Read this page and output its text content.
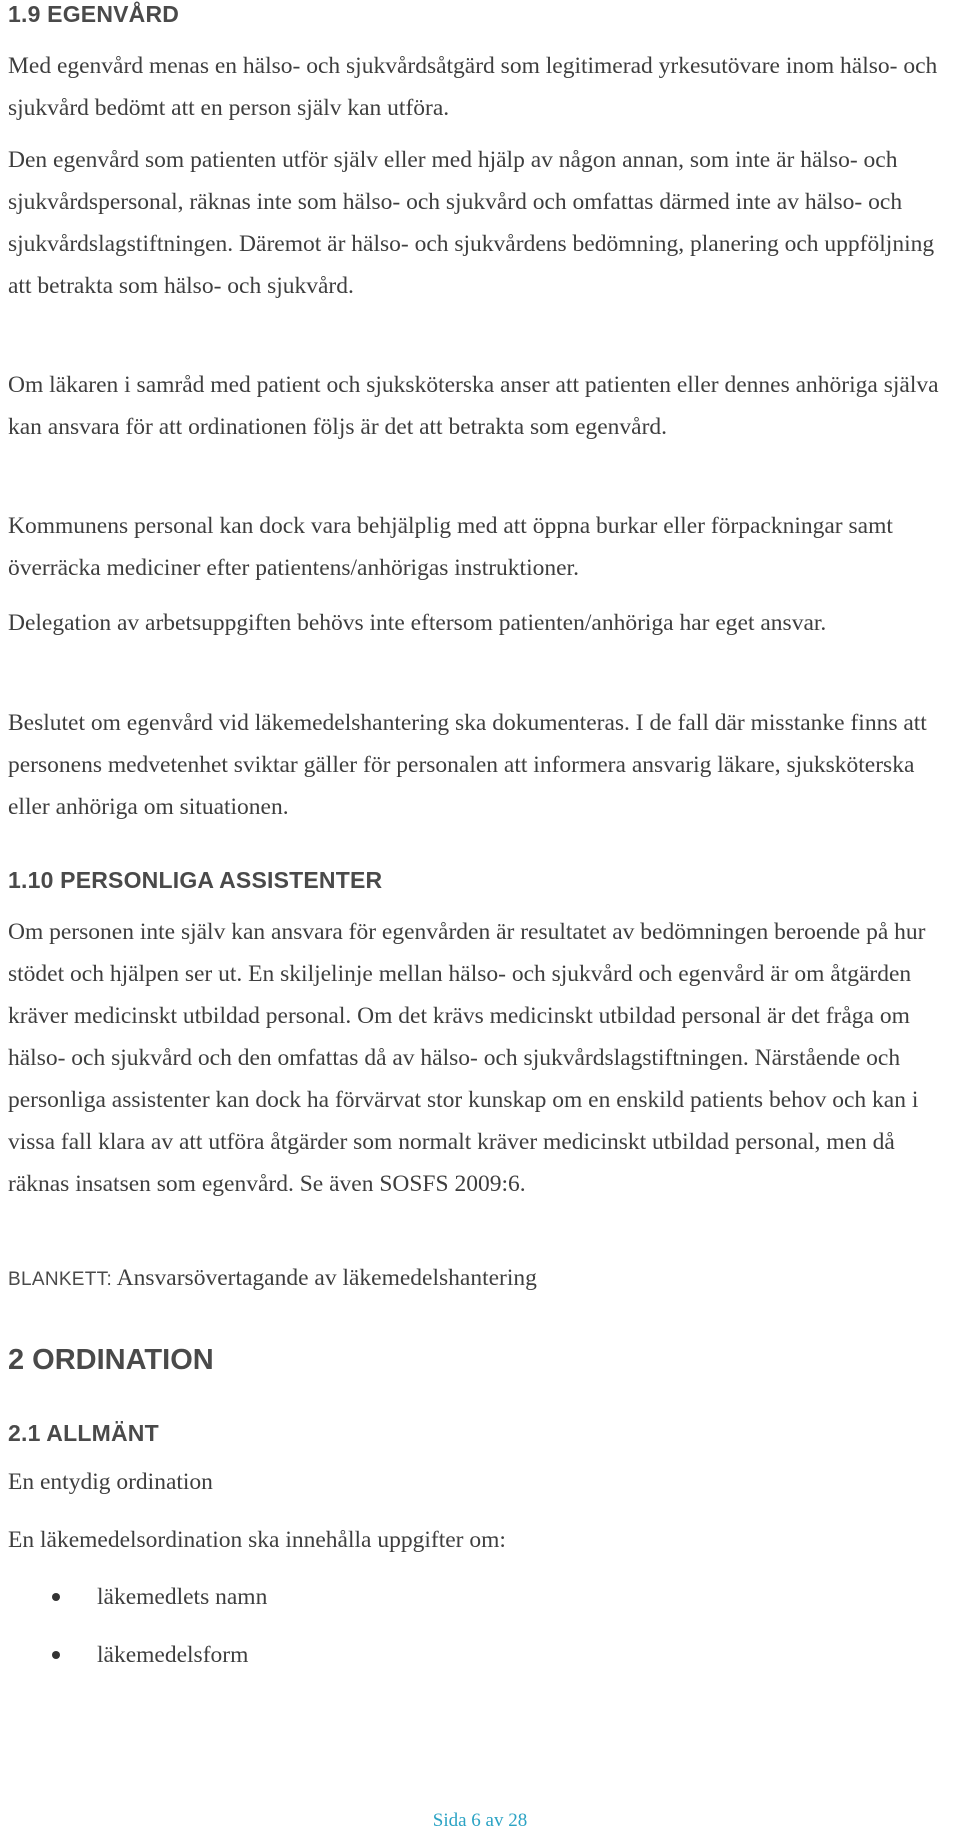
1.9 EGENVÅRD

Med egenvård menas en hälso- och sjukvårdsåtgärd som legitimerad yrkesutövare inom hälso- och sjukvård bedömt att en person själv kan utföra.

Den egenvård som patienten utför själv eller med hjälp av någon annan, som inte är hälso- och sjukvårdspersonal, räknas inte som hälso- och sjukvård och omfattas därmed inte av hälso- och sjukvårdslagstiftningen. Däremot är hälso- och sjukvårdens bedömning, planering och uppföljning att betrakta som hälso- och sjukvård.

Om läkaren i samråd med patient och sjuksköterska anser att patienten eller dennes anhöriga själva kan ansvara för att ordinationen följs är det att betrakta som egenvård.

Kommunens personal kan dock vara behjälplig med att öppna burkar eller förpackningar samt överräcka mediciner efter patientens/anhörigas instruktioner.

Delegation av arbetsuppgiften behövs inte eftersom patienten/anhöriga har eget ansvar.

Beslutet om egenvård vid läkemedelshantering ska dokumenteras. I de fall där misstanke finns att personens medvetenhet sviktar gäller för personalen att informera ansvarig läkare, sjuksköterska eller anhöriga om situationen.

1.10 PERSONLIGA ASSISTENTER

Om personen inte själv kan ansvara för egenvården är resultatet av bedömningen beroende på hur stödet och hjälpen ser ut. En skiljelinje mellan hälso- och sjukvård och egenvård är om åtgärden kräver medicinskt utbildad personal. Om det krävs medicinskt utbildad personal är det fråga om hälso- och sjukvård och den omfattas då av hälso- och sjukvårdslagstiftningen. Närstående och personliga assistenter kan dock ha förvärvat stor kunskap om en enskild patients behov och kan i vissa fall klara av att utföra åtgärder som normalt kräver medicinskt utbildad personal, men då räknas insatsen som egenvård. Se även SOSFS 2009:6.

BLANKETT: Ansvarsövertagande av läkemedelshantering

2 ORDINATION
2.1 ALLMÄNT

En entydig ordination

En läkemedelsordination ska innehålla uppgifter om:

läkemedlets namn
läkemedelsform
Sida 6 av 28
